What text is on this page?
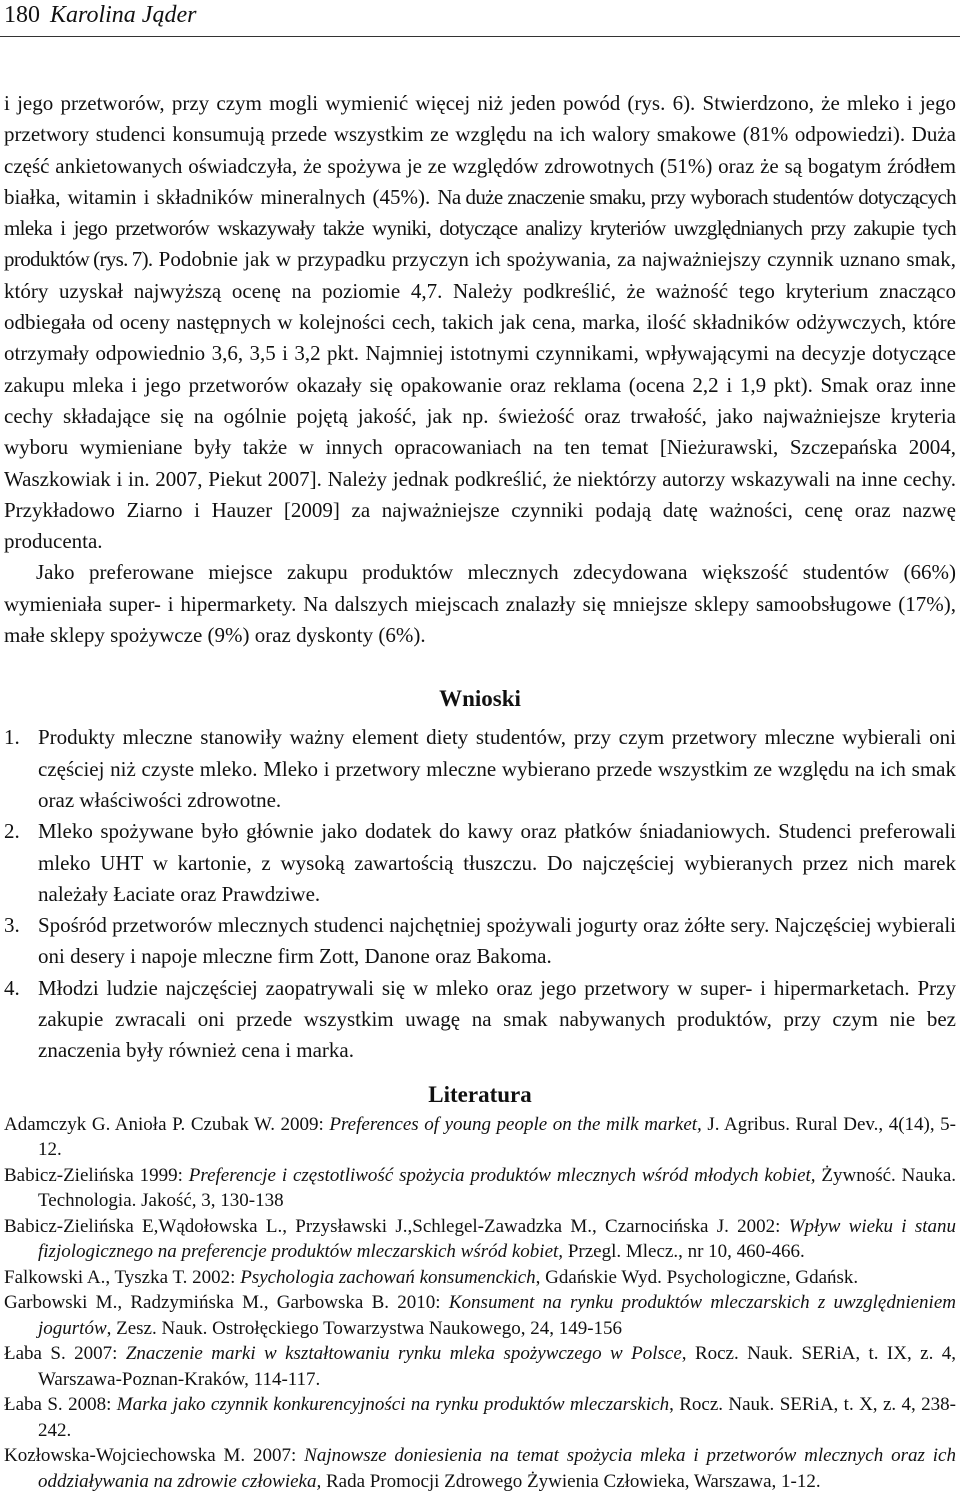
180 Karolina Jąder

i jego przetworów, przy czym mogli wymienić więcej niż jeden powód (rys. 6). Stwierdzono, że mleko i jego przetwory studenci konsumują przede wszystkim ze względu na ich walory smakowe (81% odpowiedzi). Duża część ankietowanych oświadczyła, że spożywa je ze względów zdrowotnych (51%) oraz że są bogatym źródłem białka, witamin i składników mineralnych (45%). Na duże znaczenie smaku, przy wyborach studentów dotyczących mleka i jego przetworów wskazywały także wyniki, dotyczące analizy kryteriów uwzględnianych przy zakupie tych produktów (rys. 7). Podobnie jak w przypadku przyczyn ich spożywania, za najważniejszy czynnik uznano smak, który uzyskał najwyższą ocenę na poziomie 4,7. Należy podkreślić, że ważność tego kryterium znacząco odbiegała od oceny następnych w kolejności cech, takich jak cena, marka, ilość składników odżywczych, które otrzymały odpowiednio 3,6, 3,5 i 3,2 pkt. Najmniej istotnymi czynnikami, wpływającymi na decyzje dotyczące zakupu mleka i jego przetworów okazały się opakowanie oraz reklama (ocena 2,2 i 1,9 pkt). Smak oraz inne cechy składające się na ogólnie pojętą jakość, jak np. świeżość oraz trwałość, jako najważniejsze kryteria wyboru wymieniane były także w innych opracowaniach na ten temat [Nieżurawski, Szczepańska 2004, Waszkowiak i in. 2007, Piekut 2007]. Należy jednak podkreślić, że niektórzy autorzy wskazywali na inne cechy. Przykładowo Ziarno i Hauzer [2009] za najważniejsze czynniki podają datę ważności, cenę oraz nazwę producenta.

Jako preferowane miejsce zakupu produktów mlecznych zdecydowana większość studentów (66%) wymieniała super- i hipermarkety. Na dalszych miejscach znalazły się mniejsze sklepy samoobsługowe (17%), małe sklepy spożywcze (9%) oraz dyskonty (6%).

Wnioski
1. Produkty mleczne stanowiły ważny element diety studentów, przy czym przetwory mleczne wybierali oni częściej niż czyste mleko. Mleko i przetwory mleczne wybierano przede wszystkim ze względu na ich smak oraz właściwości zdrowotne.
2. Mleko spożywane było głównie jako dodatek do kawy oraz płatków śniadaniowych. Studenci preferowali mleko UHT w kartonie, z wysoką zawartością tłuszczu. Do najczęściej wybieranych przez nich marek należały Łaciate oraz Prawdziwe.
3. Spośród przetworów mlecznych studenci najchętniej spożywali jogurty oraz żółte sery. Najczęściej wybierali oni desery i napoje mleczne firm Zott, Danone oraz Bakoma.
4. Młodzi ludzie najczęściej zaopatrywali się w mleko oraz jego przetwory w super- i hipermarketach. Przy zakupie zwracali oni przede wszystkim uwagę na smak nabywanych produktów, przy czym nie bez znaczenia były również cena i marka.
Literatura

Adamczyk G. Anioła P. Czubak W. 2009: Preferences of young people on the milk market, J. Agribus. Rural Dev., 4(14), 5-12.

Babicz-Zielińska 1999: Preferencje i częstotliwość spożycia produktów mlecznych wśród młodych kobiet, Żywność. Nauka. Technologia. Jakość, 3, 130-138

Babicz-Zielińska E,Wądołowska L., Przysławski J.,Schlegel-Zawadzka M., Czarnocińska J. 2002: Wpływ wieku i stanu fizjologicznego na preferencje produktów mleczarskich wśród kobiet, Przegl. Mlecz., nr 10, 460-466.

Falkowski A., Tyszka T. 2002: Psychologia zachowań konsumenckich, Gdańskie Wyd. Psychologiczne, Gdańsk.

Garbowski M., Radzymińska M., Garbowska B. 2010: Konsument na rynku produktów mleczarskich z uwzględnieniem jogurtów, Zesz. Nauk. Ostrołęckiego Towarzystwa Naukowego, 24, 149-156

Łaba S. 2007: Znaczenie marki w kształtowaniu rynku mleka spożywczego w Polsce, Rocz. Nauk. SERiA, t. IX, z. 4, Warszawa-Poznan-Kraków, 114-117.

Łaba S. 2008: Marka jako czynnik konkurencyjności na rynku produktów mleczarskich, Rocz. Nauk. SERiA, t. X, z. 4, 238-242.

Kozłowska-Wojciechowska M. 2007: Najnowsze doniesienia na temat spożycia mleka i przetworów mlecznych oraz ich oddziaływania na zdrowie człowieka, Rada Promocji Zdrowego Żywienia Człowieka, Warszawa, 1-12.
